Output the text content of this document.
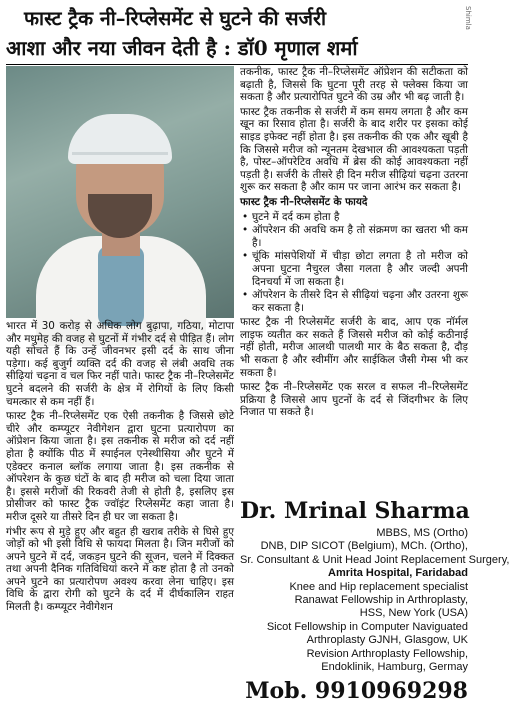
फास्ट ट्रैक नी–रिप्लेसमेंट से घुटने की सर्जरी
आशा और नया जीवन देती है : डॉ0 मृणाल शर्मा
Shimla

भारत में 30 करोड़ से अधिक लोग बुढ़ापा, गठिया, मोटापा और मधुमेह की वजह से घुटनों में गंभीर दर्द से पीड़ित हैं। लोग यही सोचते हैं कि उन्हें जीवनभर इसी दर्द के साथ जीना पड़ेगा। कई बुजुर्ग व्यक्ति दर्द की वजह से लंबी अवधि तक सीढ़ियां चढ़ना व चल फिर नहीं पाते। फास्ट ट्रैक नी–रिप्लेसमेंट घुटने बदलने की सर्जरी के क्षेत्र में रोगियों के लिए किसी चमत्कार से कम नहीं हैं।

फास्ट ट्रैक नी–रिप्लेसमेंट एक ऐसी तकनीक है जिससे छोटे चीरे और कम्प्यूटर नेवीगेशन द्वारा घुटना प्रत्यारोपण का ऑप्रेशन किया जाता है। इस तकनीक से मरीज को दर्द नहीं होता है क्योंकि पीठ में स्पाईनल एनेस्थीसिया और घुटने में एडेक्टर कनाल ब्लॉक लगाया जाता है। इस तकनीक से ऑपरेशन के कुछ घंटों के बाद ही मरीज को चला दिया जाता है। इससे मरीजों की रिकवरी तेजी से होती है, इसलिए इस प्रोसीजर को फास्ट ट्रैक ज्वॉइंट रिप्लेसमेंट कहा जाता है। मरीज दूसरे या तीसरे दिन ही घर जा सकता है।

गंभीर रूप से मुड़े हुए और बहुत ही खराब तरीके से घिसे हुए जोड़ों को भी इसी विधि से फायदा मिलता है। जिन मरीजों को अपने घुटने में दर्द, जकड़न घुटने की सूजन, चलने में दिक्कत तथा अपनी दैनिक गतिविधियां करने में कष्ट होता है तो उनको अपने घुटने का प्रत्यारोपण अवश्य करवा लेना चाहिए। इस विधि के द्वारा रोगी को घुटने के दर्द में दीर्घकालिन राहत मिलती है। कम्प्यूटर नेवीगेशन

तकनीक, फास्ट ट्रैक नी–रिप्लेसमेंट ऑप्रेशन की सटीकता को बढ़ाती है, जिससे कि घुटना पूरी तरह से फ्लेक्स किया जा सकता है और प्रत्यारोपित घुटने की उम्र और भी बढ़ जाती है।

फास्ट ट्रैक तकनीक से सर्जरी में कम समय लगता है और कम खून का रिसाव होता है। सर्जरी के बाद शरीर पर इसका कोई साइड इफेक्ट नहीं होता है। इस तकनीक की एक और खूबी है कि जिससे मरीज को न्यूनतम देखभाल की आवश्यकता पड़ती है, पोस्ट–ऑपरेटिव अवधि में ब्रेस की कोई आवश्यकता नहीं पड़ती है। सर्जरी के तीसरे ही दिन मरीज सीढ़ियां चढ़ना उतरना शुरू कर सकता है और काम पर जाना आरंभ कर सकता है।

फास्ट ट्रैक नी–रिप्लेसमेंट के फायदे
• घुटने में दर्द कम होता है
• ऑपरेशन की अवधि कम है तो संक्रमण का खतरा भी कम है।
• चूंकि मांसपेशियों में चीड़ा छोटा लगता है तो मरीज को अपना घुटना नैचुरल जैसा गलता है और जल्दी अपनी दिनचर्या में जा सकता है।
• ऑपरेशन के तीसरे दिन से सीढ़ियां चढ़ना और उतरना शुरू कर सकता है।

फास्ट ट्रैक नी रिप्लेसमेंट सर्जरी के बाद, आप एक नॉर्मल लाइफ व्यतीत कर सकते हैं जिससे मरीज को कोई कठीनाई नहीं होती, मरीज आलथी पालथी मार के बैठ सकता है, दौड़ भी सकता है और स्वीमींग और साईकिल जैसी गेम्स भी कर सकता है।

फास्ट ट्रैक नी–रिप्लेसमेंट एक सरल व सफल नी–रिप्लेसमेंट प्रक्रिया है जिससे आप घुटनों के दर्द से जिंदगीभर के लिए निजात पा सकते है।

Dr. Mrinal Sharma
MBBS, MS (Ortho)
DNB, DIP SICOT (Belgium), MCh. (Ortho),
Sr. Consultant & Unit Head Joint Replacement Surgery,
Amrita Hospital, Faridabad
Knee and Hip replacement specialist
Ranawat Fellowship in Arthroplasty,
HSS, New York (USA)
Sicot Fellowship in Computer Naviguated
Arthroplasty GJNH, Glasgow, UK
Revision Arthroplasty Fellowship,
Endoklinik, Hamburg, Germay
Mob. 9910969298
